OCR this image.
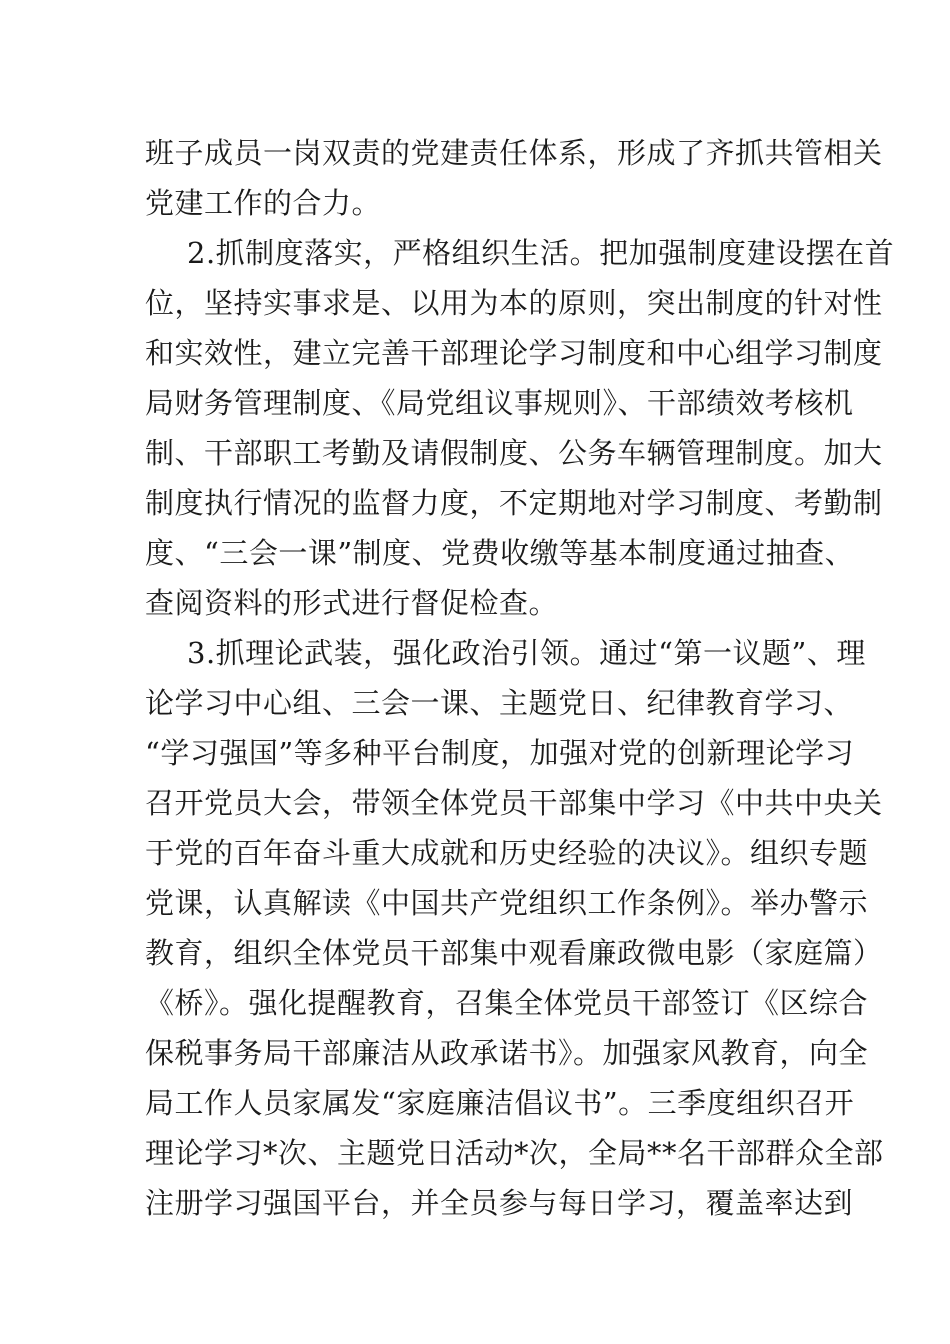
班子成员一岗双责的党建责任体系，形成了齐抓共管相关
党建工作的合力。
2.抓制度落实，严格组织生活。把加强制度建设摆在首
位，坚持实事求是、以用为本的原则，突出制度的针对性
和实效性，建立完善干部理论学习制度和中心组学习制度
局财务管理制度、《局党组议事规则》、干部绩效考核机
制、干部职工考勤及请假制度、公务车辆管理制度。加大
制度执行情况的监督力度，不定期地对学习制度、考勤制
度、“三会一课”制度、党费收缴等基本制度通过抽查、
查阅资料的形式进行督促检查。
3.抓理论武装，强化政治引领。通过“第一议题”、理
论学习中心组、三会一课、主题党日、纪律教育学习、
“学习强国”等多种平台制度，加强对党的创新理论学习
召开党员大会，带领全体党员干部集中学习《中共中央关
于党的百年奋斗重大成就和历史经验的决议》。组织专题
党课，认真解读《中国共产党组织工作条例》。举办警示
教育，组织全体党员干部集中观看廉政微电影（家庭篇）
《桥》。强化提醒教育，召集全体党员干部签订《区综合
保税事务局干部廉洁从政承诺书》。加强家风教育，向全
局工作人员家属发“家庭廉洁倡议书”。三季度组织召开
理论学习*次、主题党日活动*次，全局**名干部群众全部
注册学习强国平台，并全员参与每日学习，覆盖率达到
